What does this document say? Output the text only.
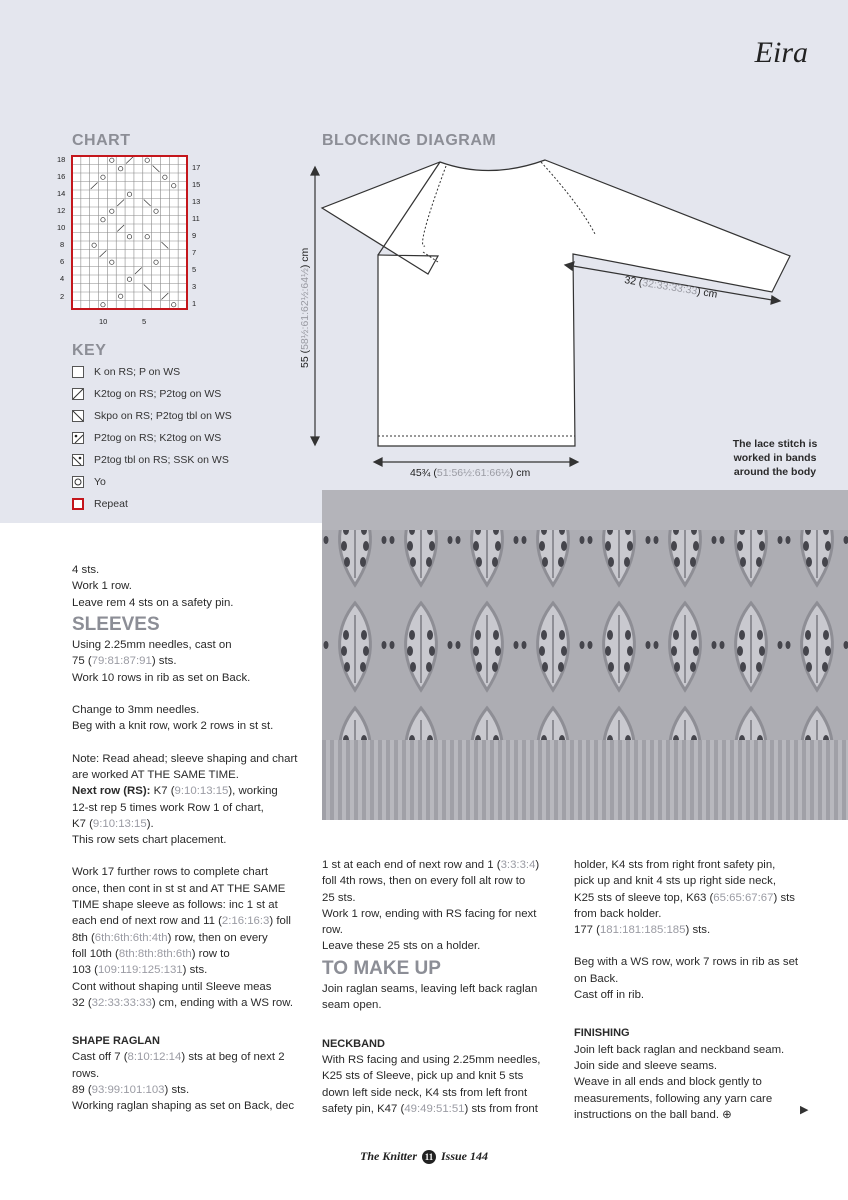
Eira
CHART
18
16
14
12
10
8
6
4
2
17
15
13
11
9
7
5
3
1
10	5
KEY
K on RS; P on WS
K2tog on RS; P2tog on WS
Skpo on RS; P2tog tbl on WS
P2tog on RS; K2tog on WS
P2tog tbl on RS; SSK on WS
Yo
Repeat
BLOCKING DIAGRAM
32 (32:33:33:33) cm
55 (58½:61:62½:64½) cm
45¾ (51:56½:61:66½) cm
The lace stitch is
worked in bands
around the body

4 sts.

Work 1 row.

Leave rem 4 sts on a safety pin.

SLEEVES

Using 2.25mm needles, cast on

75 (79:81:87:91) sts.

Work 10 rows in rib as set on Back.

Change to 3mm needles.

Beg with a knit row, work 2 rows in st st.

Note: Read ahead; sleeve shaping and chart

are worked AT THE SAME TIME.

Next row (RS): K7 (9:10:13:15), working

12-st rep 5 times work Row 1 of chart,

K7 (9:10:13:15).

This row sets chart placement.

Work 17 further rows to complete chart

once, then cont in st st and AT THE SAME

TIME shape sleeve as follows: inc 1 st at

each end of next row and 11 (2:16:16:3) foll

8th (6th:6th:6th:4th) row, then on every

foll 10th (8th:8th:8th:6th) row to

103 (109:119:125:131) sts.

Cont without shaping until Sleeve meas

32 (32:33:33:33) cm, ending with a WS row.

SHAPE RAGLAN

Cast off 7 (8:10:12:14) sts at beg of next 2

rows.

89 (93:99:101:103) sts.

Working raglan shaping as set on Back, dec

1 st at each end of next row and 1 (3:3:3:4)

foll 4th rows, then on every foll alt row to

25 sts.

Work 1 row, ending with RS facing for next

row.

Leave these 25 sts on a holder.

TO MAKE UP

Join raglan seams, leaving left back raglan

seam open.

NECKBAND

With RS facing and using 2.25mm needles,

K25 sts of Sleeve, pick up and knit 5 sts

down left side neck, K4 sts from left front

safety pin, K47 (49:49:51:51) sts from front

holder, K4 sts from right front safety pin,

pick up and knit 4 sts up right side neck,

K25 sts of sleeve top, K63 (65:65:67:67) sts

from back holder.

177 (181:181:185:185) sts.

Beg with a WS row, work 7 rows in rib as set

on Back.

Cast off in rib.

FINISHING

Join left back raglan and neckband seam.

Join side and sleeve seams.

Weave in all ends and block gently to

measurements, following any yarn care

instructions on the ball band. ⊕	▶
The Knitter 11 Issue 144
